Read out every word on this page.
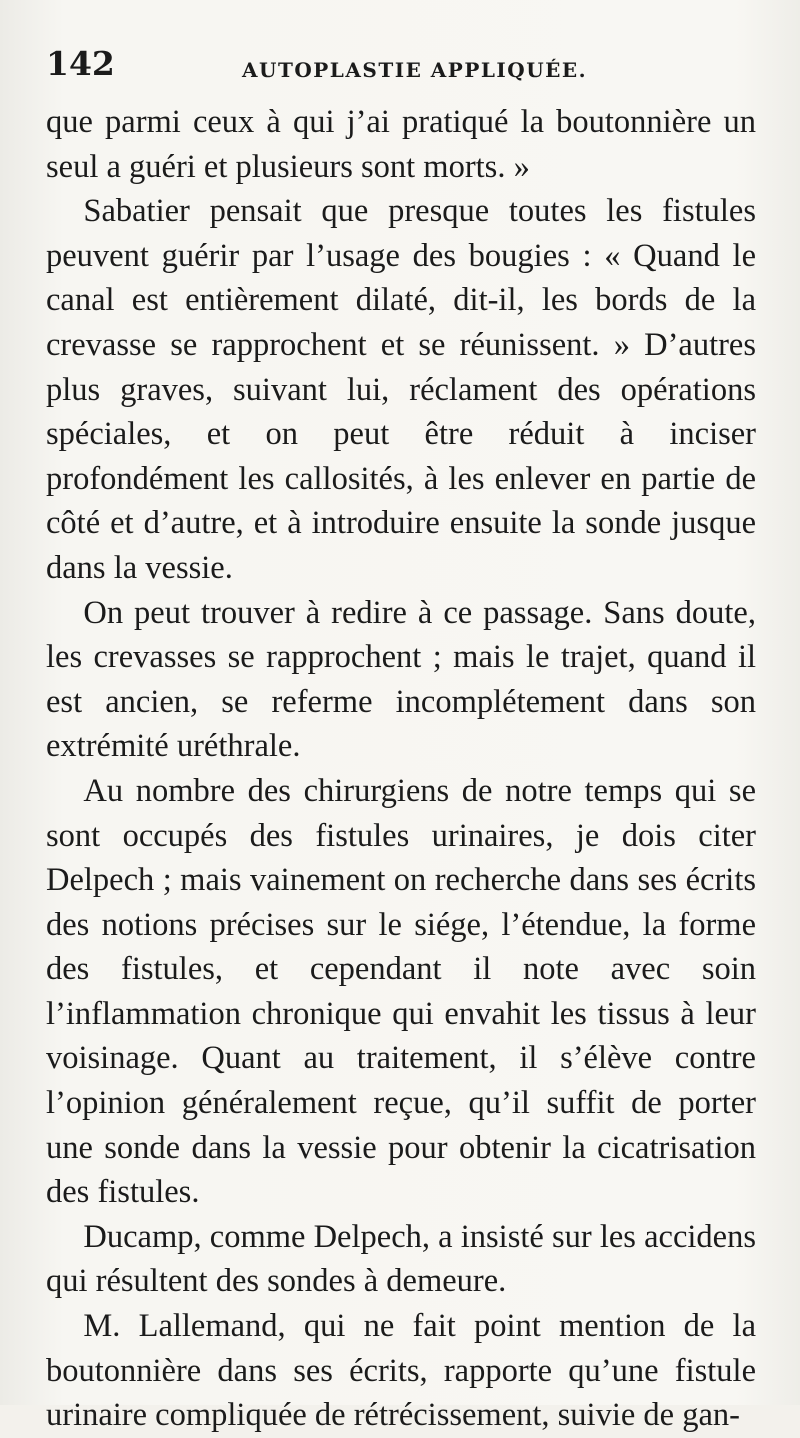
142	AUTOPLASTIE APPLIQUÉE.

que parmi ceux à qui j’ai pratiqué la boutonnière un seul a guéri et plusieurs sont morts. »

Sabatier pensait que presque toutes les fistules peuvent guérir par l’usage des bougies : « Quand le canal est entièrement dilaté, dit-il, les bords de la crevasse se rapprochent et se réunissent. » D’autres plus graves, suivant lui, réclament des opérations spéciales, et on peut être réduit à inciser profondément les callosités, à les enlever en partie de côté et d’autre, et à introduire ensuite la sonde jusque dans la vessie.

On peut trouver à redire à ce passage. Sans doute, les crevasses se rapprochent ; mais le trajet, quand il est ancien, se referme incomplétement dans son extrémité uréthrale.

Au nombre des chirurgiens de notre temps qui se sont occupés des fistules urinaires, je dois citer Delpech ; mais vainement on recherche dans ses écrits des notions précises sur le siége, l’étendue, la forme des fistules, et cependant il note avec soin l’inflammation chronique qui envahit les tissus à leur voisinage. Quant au traitement, il s’élève contre l’opinion généralement reçue, qu’il suffit de porter une sonde dans la vessie pour obtenir la cicatrisation des fistules.

Ducamp, comme Delpech, a insisté sur les accidens qui résultent des sondes à demeure.

M. Lallemand, qui ne fait point mention de la boutonnière dans ses écrits, rapporte qu’une fistule urinaire compliquée de rétrécissement, suivie de gan-
